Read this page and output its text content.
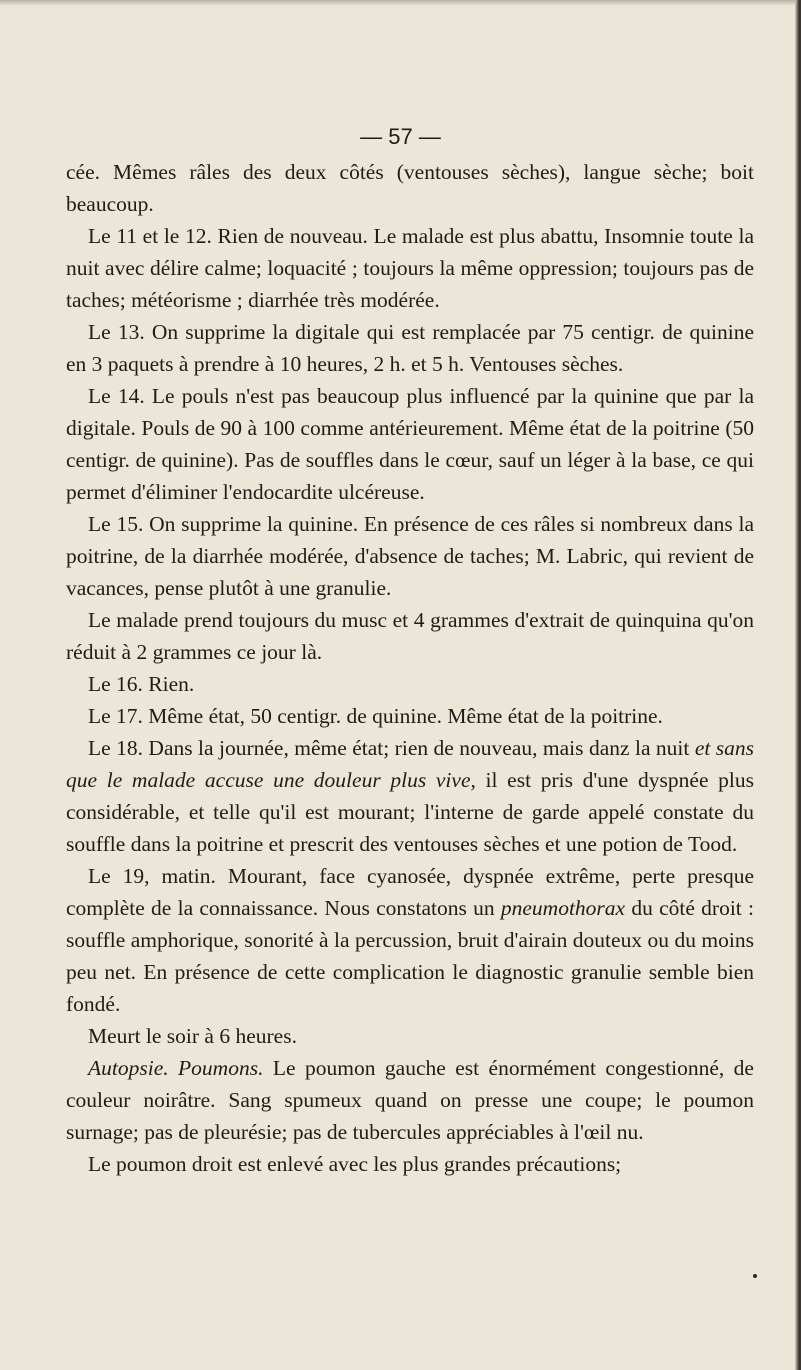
— 57 —

cée. Mêmes râles des deux côtés (ventouses sèches), langue sèche; boit beaucoup.

Le 11 et le 12. Rien de nouveau. Le malade est plus abattu, Insomnie toute la nuit avec délire calme; loquacité ; toujours la même oppression; toujours pas de taches; météorisme ; diarrhée très modérée.

Le 13. On supprime la digitale qui est remplacée par 75 centigr. de quinine en 3 paquets à prendre à 10 heures, 2 h. et 5 h. Ventouses sèches.

Le 14. Le pouls n'est pas beaucoup plus influencé par la quinine que par la digitale. Pouls de 90 à 100 comme antérieurement. Même état de la poitrine (50 centigr. de quinine). Pas de souffles dans le cœur, sauf un léger à la base, ce qui permet d'éliminer l'endocardite ulcéreuse.

Le 15. On supprime la quinine. En présence de ces râles si nombreux dans la poitrine, de la diarrhée modérée, d'absence de taches; M. Labric, qui revient de vacances, pense plutôt à une granulie.

Le malade prend toujours du musc et 4 grammes d'extrait de quinquina qu'on réduit à 2 grammes ce jour là.

Le 16. Rien.

Le 17. Même état, 50 centigr. de quinine. Même état de la poitrine.

Le 18. Dans la journée, même état; rien de nouveau, mais danz la nuit et sans que le malade accuse une douleur plus vive, il est pris d'une dyspnée plus considérable, et telle qu'il est mourant; l'interne de garde appelé constate du souffle dans la poitrine et prescrit des ventouses sèches et une potion de Tood.

Le 19, matin. Mourant, face cyanosée, dyspnée extrême, perte presque complète de la connaissance. Nous constatons un pneumothorax du côté droit : souffle amphorique, sonorité à la percussion, bruit d'airain douteux ou du moins peu net. En présence de cette complication le diagnostic granulie semble bien fondé.

Meurt le soir à 6 heures.

Autopsie. Poumons. Le poumon gauche est énormément congestionné, de couleur noirâtre. Sang spumeux quand on presse une coupe; le poumon surnage; pas de pleurésie; pas de tubercules appréciables à l'œil nu.

Le poumon droit est enlevé avec les plus grandes précautions;
